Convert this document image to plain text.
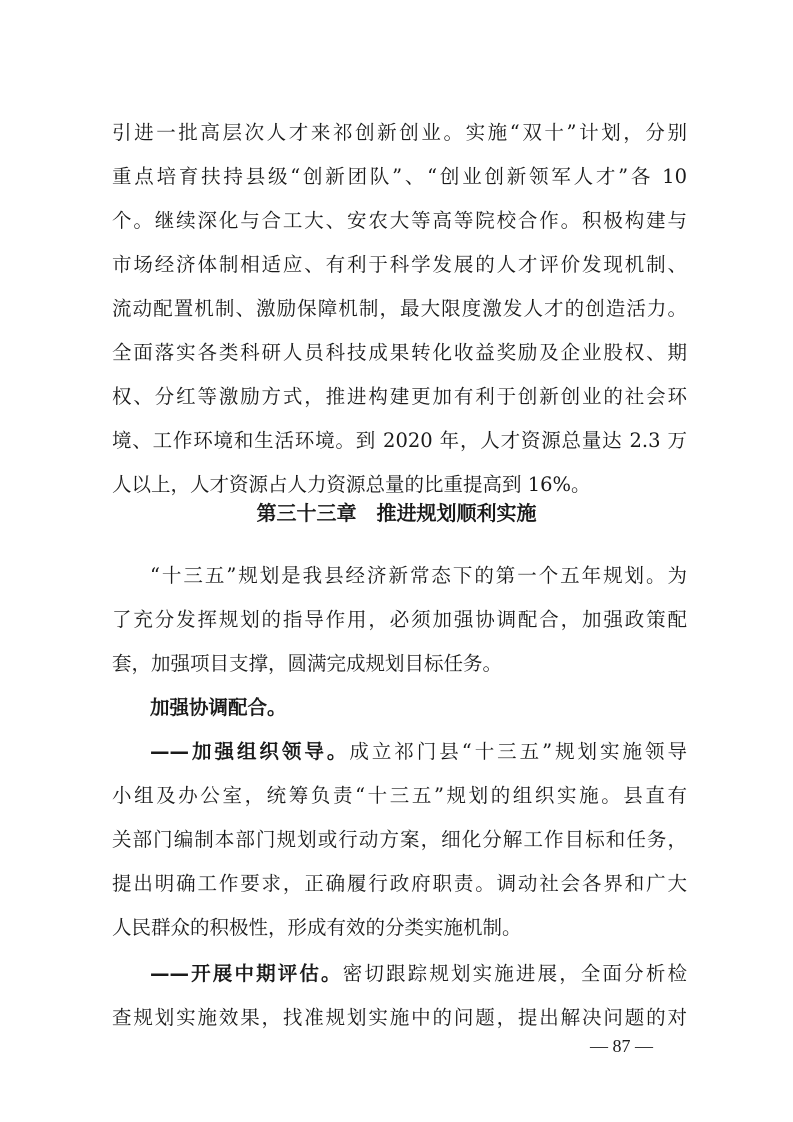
引进一批高层次人才来祁创新创业。实施“双十”计划，分别
重点培育扶持县级“创新团队”、“创业创新领军人才”各 10
个。继续深化与合工大、安农大等高等院校合作。积极构建与
市场经济体制相适应、有利于科学发展的人才评价发现机制、
流动配置机制、激励保障机制，最大限度激发人才的创造活力。
全面落实各类科研人员科技成果转化收益奖励及企业股权、期
权、分红等激励方式，推进构建更加有利于创新创业的社会环
境、工作环境和生活环境。到 2020 年，人才资源总量达 2.3 万
人以上，人才资源占人力资源总量的比重提高到 16%。
第三十三章　推进规划顺利实施
“十三五”规划是我县经济新常态下的第一个五年规划。为
了充分发挥规划的指导作用，必须加强协调配合，加强政策配
套，加强项目支撑，圆满完成规划目标任务。
加强协调配合。
——加强组织领导。成立祁门县“十三五”规划实施领导
小组及办公室，统筹负责“十三五”规划的组织实施。县直有
关部门编制本部门规划或行动方案，细化分解工作目标和任务，
提出明确工作要求，正确履行政府职责。调动社会各界和广大
人民群众的积极性，形成有效的分类实施机制。
——开展中期评估。密切跟踪规划实施进展，全面分析检
查规划实施效果，找准规划实施中的问题，提出解决问题的对
— 87 —
